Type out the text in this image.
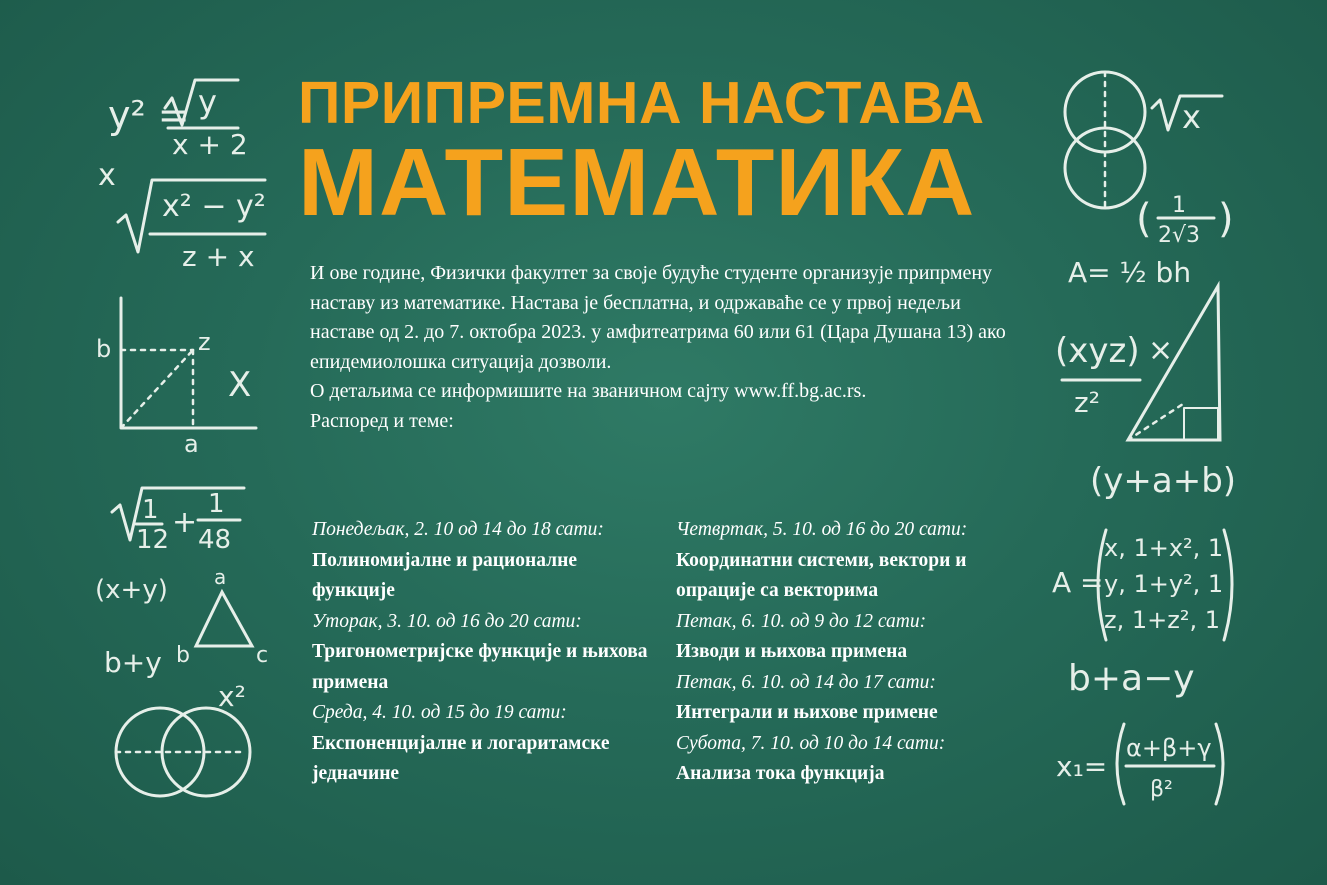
y² = y
x + 2
x
x² − y²
z + x
b	z
X
a
1
12 +
1
48
(x+y) a
b	c
b+y
x²
x
( 1
2√3 )
A= ½ bh
(xyz) ×
z²
(y+a+b)
A =
x, 1+x², 1
y, 1+y², 1
z, 1+z², 1
b+a−y
x₁=
α+β+γ
β²
ПРИПРЕМНА НАСТАВА
МАТЕМАТИКА

И ове године, Физички факултет за своје будуће студенте организује припрмену наставу из математике. Настава је бесплатна, и одржаваће се у првој недељи наставе од 2. до 7. октобра 2023. у амфитеатрима 60 или 61 (Цара Душана 13) ако епидемиолошка ситуација дозволи.

О детаљима се информишите на званичном сајту www.ff.bg.ac.rs.

Распоред и теме:

Понедељак, 2. 10 од 14 до 18 сати:
Полиномијалне и рационалне функције
Уторак, 3. 10. од 16 до 20 сати:
Тригонометријске функције и њихова примена
Среда, 4. 10. од 15 до 19 сати:
Експоненцијалне и логаритамске једначине
Четвртак, 5. 10. од 16 до 20 сати:
Координатни системи, вектори и опрације са векторима
Петак, 6. 10. од 9 до 12 сати:
Изводи и њихова примена
Петак, 6. 10. од 14 до 17 сати:
Интеграли и њихове примене
Субота, 7. 10. од 10 до 14 сати:
Анализа тока функција
